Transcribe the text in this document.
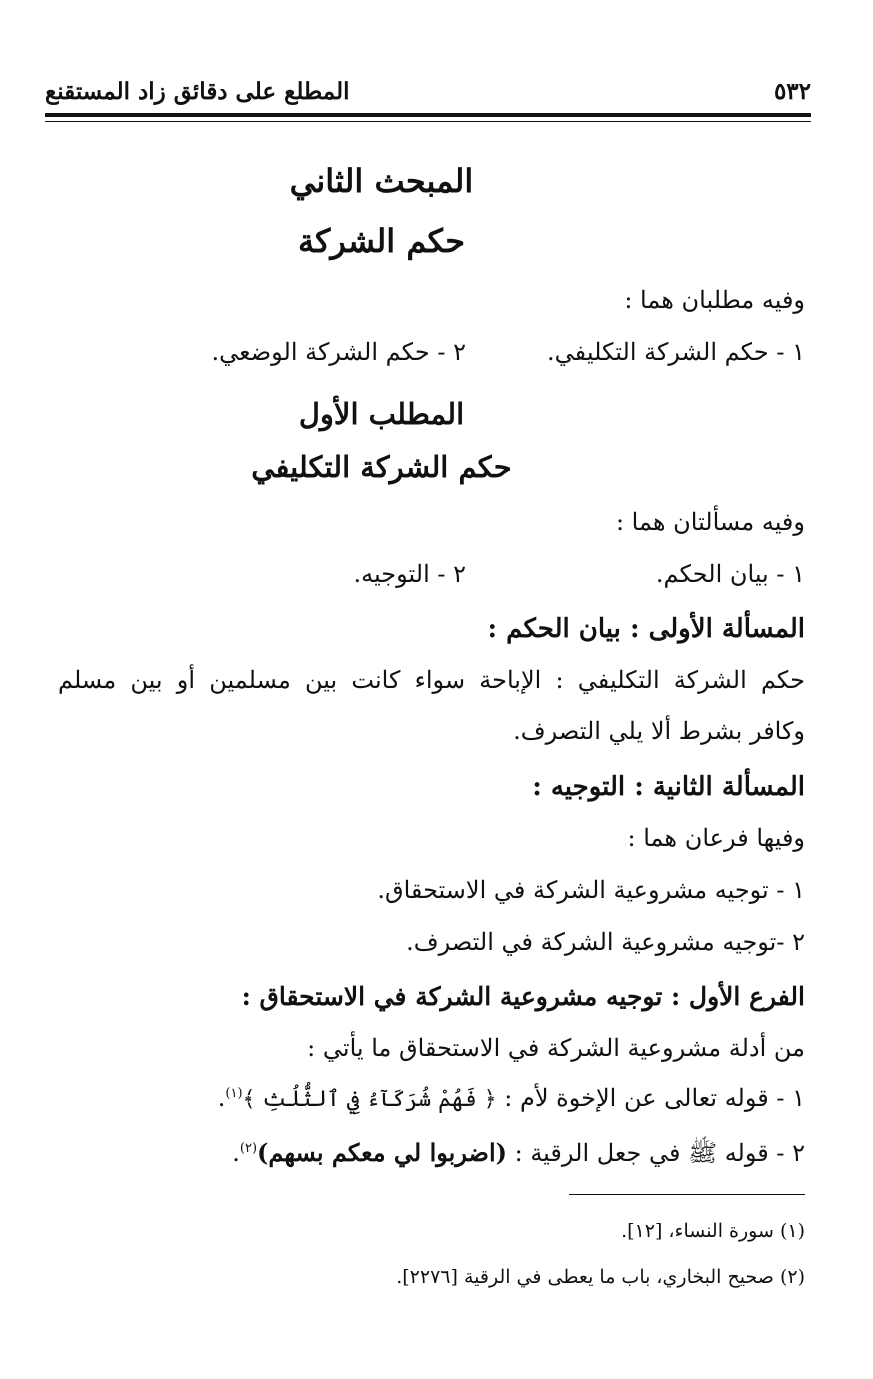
٥٣٢
المطلع على دقائق زاد المستقنع
المبحث الثاني
حكم الشركة
وفيه مطلبان هما :
١ - حكم الشركة التكليفي.
٢ - حكم الشركة الوضعي.
المطلب الأول
حكم الشركة التكليفي
وفيه مسألتان هما :
١ - بيان الحكم.
٢ - التوجيه.
المسألة الأولى : بيان الحكم :
حكم الشركة التكليفي : الإباحة سواء كانت بين مسلمين أو بين مسلم
وكافر بشرط ألا يلي التصرف.
المسألة الثانية : التوجيه :
وفيها فرعان هما :
١ - توجيه مشروعية الشركة في الاستحقاق.
٢ -توجيه مشروعية الشركة في التصرف.
الفرع الأول : توجيه مشروعية الشركة في الاستحقاق :
من أدلة مشروعية الشركة في الاستحقاق ما يأتي :
١ - قوله تعالى عن الإخوة لأم : ﴿ فَهُمْ شُرَكَآءُ فِي ٱلثُّلُثِ ﴾$^{(١)}$.
٢ - قوله ﷺ في جعل الرقية : (اضربوا لي معكم بسهم)$^{(٢)}$.
(١) سورة النساء، [١٢].
(٢) صحيح البخاري، باب ما يعطى في الرقية [٢٢٧٦].
